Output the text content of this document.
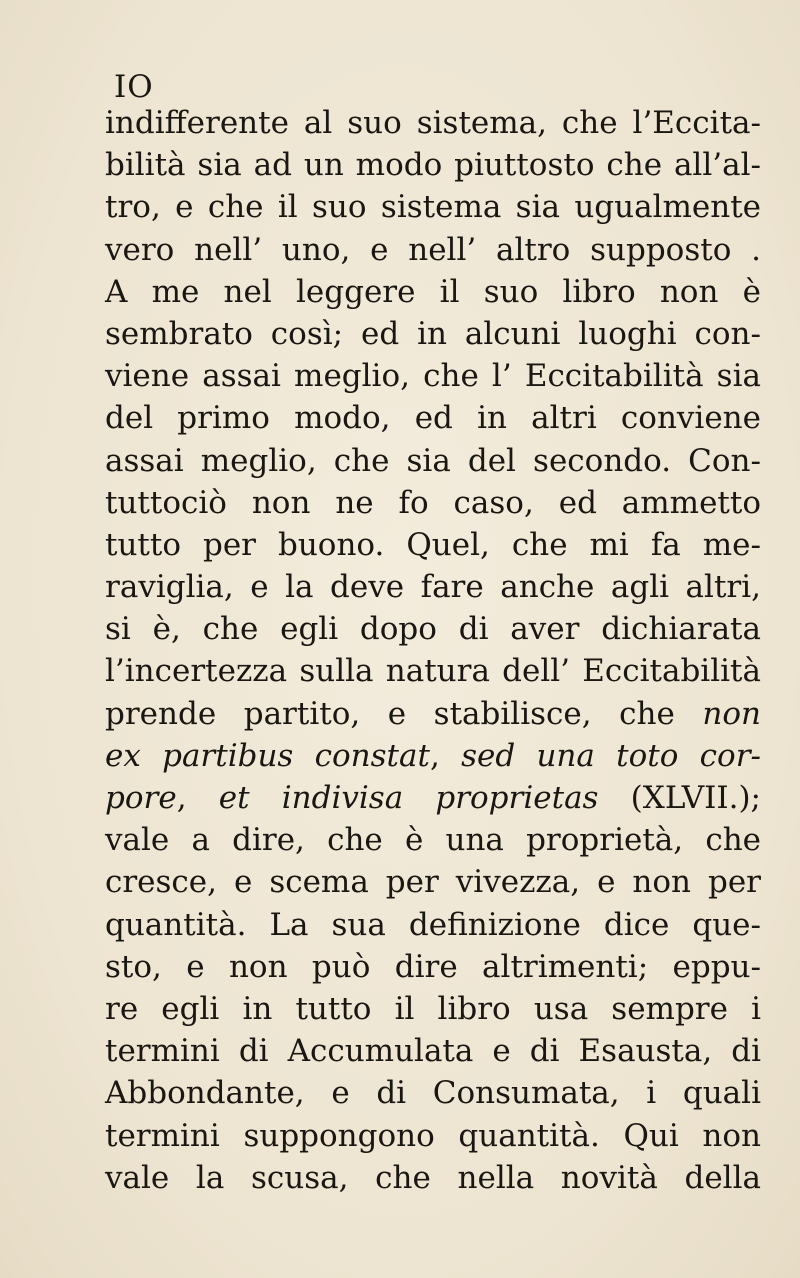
IO
indifferente al suo sistema, che l’Eccita-
bilità sia ad un modo piuttosto che all’al-
tro, e che il suo sistema sia ugualmente
vero nell’ uno, e nell’ altro supposto .
A me nel leggere il suo libro non è
sembrato così; ed in alcuni luoghi con-
viene assai meglio, che l’ Eccitabilità sia
del primo modo, ed in altri conviene
assai meglio, che sia del secondo. Con-
tuttociò non ne fo caso, ed ammetto
tutto per buono. Quel, che mi fa me-
raviglia, e la deve fare anche agli altri,
si è, che egli dopo di aver dichiarata
l’incertezza sulla natura dell’ Eccitabilità
prende partito, e stabilisce, che non
ex partibus constat, sed una toto cor-
pore, et indivisa proprietas (XLVII.);
vale a dire, che è una proprietà, che
cresce, e scema per vivezza, e non per
quantità. La sua definizione dice que-
sto, e non può dire altrimenti; eppu-
re egli in tutto il libro usa sempre i
termini di Accumulata e di Esausta, di
Abbondante, e di Consumata, i quali
termini suppongono quantità. Qui non
vale la scusa, che nella novità della
